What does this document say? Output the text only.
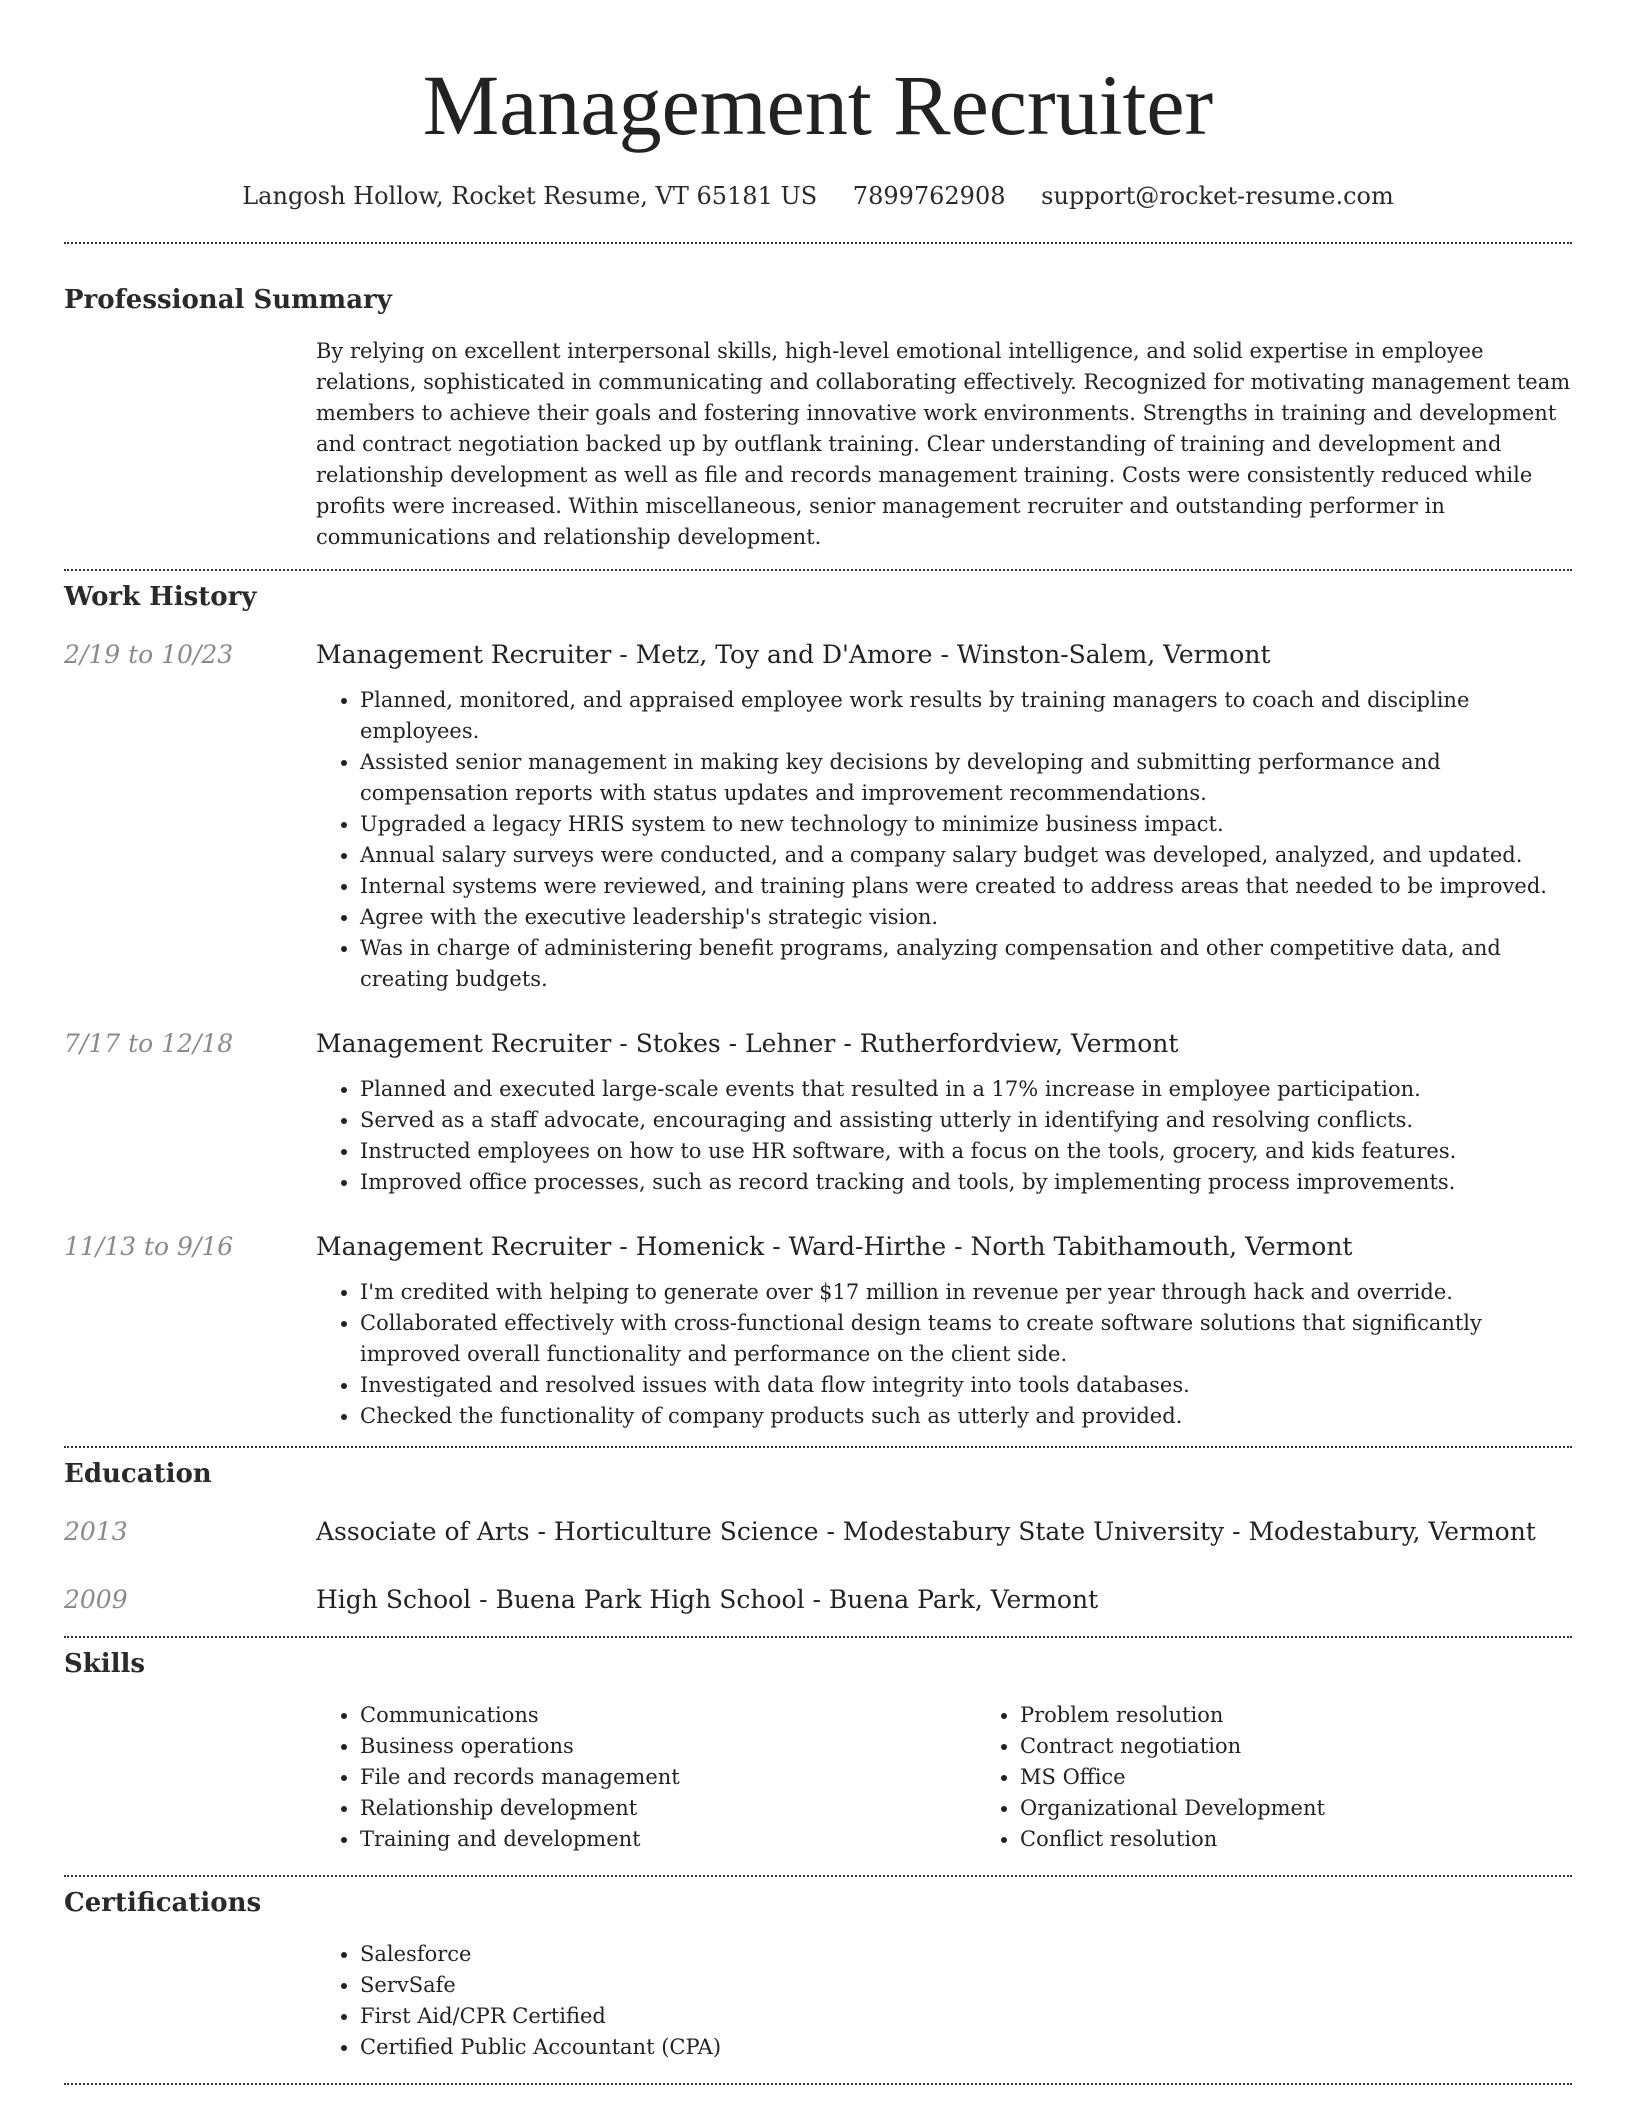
Management Recruiter
Langosh Hollow, Rocket Resume, VT 65181 US 7899762908 support@rocket-resume.com
Professional Summary

By relying on excellent interpersonal skills, high-level emotional intelligence, and solid expertise in employee relations, sophisticated in communicating and collaborating effectively. Recognized for motivating management team members to achieve their goals and fostering innovative work environments. Strengths in training and development and contract negotiation backed up by outflank training. Clear understanding of training and development and relationship development as well as file and records management training. Costs were consistently reduced while profits were increased. Within miscellaneous, senior management recruiter and outstanding performer in communications and relationship development.

Work History
2/19 to 10/23	Management Recruiter - Metz, Toy and D'Amore - Winston-Salem, Vermont
• Planned, monitored, and appraised employee work results by training managers to coach and discipline employees.
• Assisted senior management in making key decisions by developing and submitting performance and compensation reports with status updates and improvement recommendations.
• Upgraded a legacy HRIS system to new technology to minimize business impact.
• Annual salary surveys were conducted, and a company salary budget was developed, analyzed, and updated.
• Internal systems were reviewed, and training plans were created to address areas that needed to be improved.
• Agree with the executive leadership's strategic vision.
• Was in charge of administering benefit programs, analyzing compensation and other competitive data, and creating budgets.
7/17 to 12/18	Management Recruiter - Stokes - Lehner - Rutherfordview, Vermont
• Planned and executed large-scale events that resulted in a 17% increase in employee participation.
• Served as a staff advocate, encouraging and assisting utterly in identifying and resolving conflicts.
• Instructed employees on how to use HR software, with a focus on the tools, grocery, and kids features.
• Improved office processes, such as record tracking and tools, by implementing process improvements.
11/13 to 9/16	Management Recruiter - Homenick - Ward-Hirthe - North Tabithamouth, Vermont
• I'm credited with helping to generate over $17 million in revenue per year through hack and override.
• Collaborated effectively with cross-functional design teams to create software solutions that significantly improved overall functionality and performance on the client side.
• Investigated and resolved issues with data flow integrity into tools databases.
• Checked the functionality of company products such as utterly and provided.
Education
2013	Associate of Arts - Horticulture Science - Modestabury State University - Modestabury, Vermont
2009	High School - Buena Park High School - Buena Park, Vermont
Skills
• Communications
• Business operations
• File and records management
• Relationship development
• Training and development
• Problem resolution
• Contract negotiation
• MS Office
• Organizational Development
• Conflict resolution
Certifications
• Salesforce
• ServSafe
• First Aid/CPR Certified
• Certified Public Accountant (CPA)
